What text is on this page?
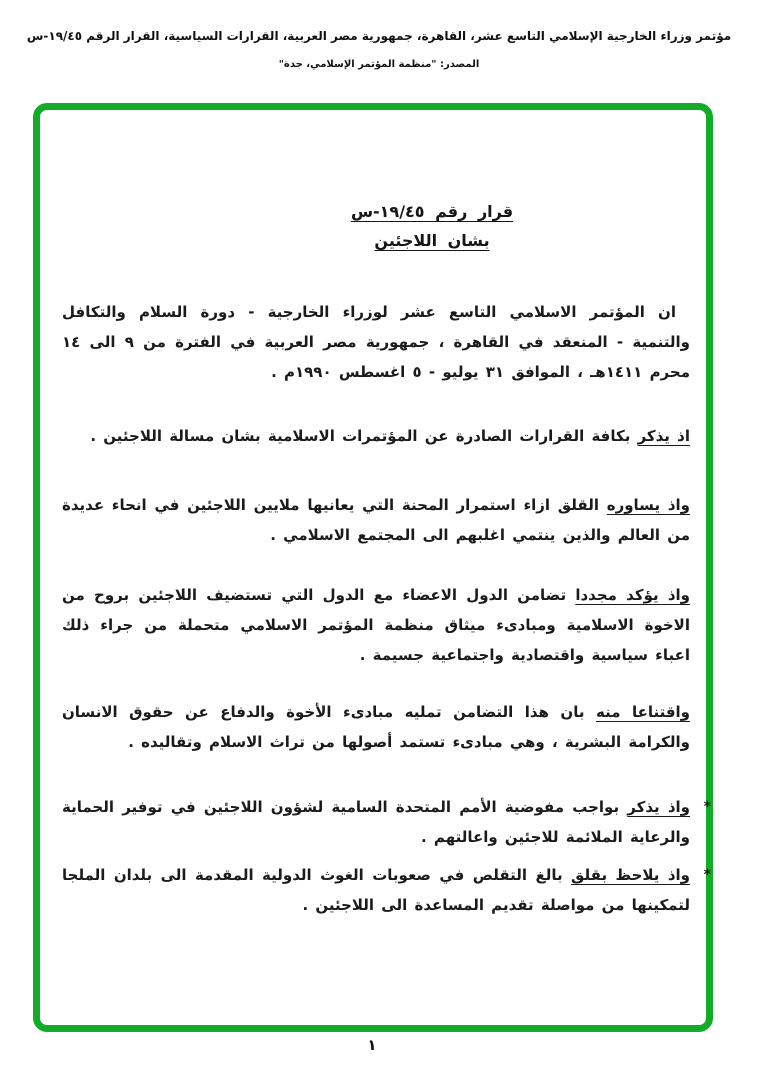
مؤتمر وزراء الخارجية الإسلامي التاسع عشر، القاهرة، جمهورية مصر العربية، القرارات السياسية، القرار الرقم ١٩/٤٥-س
المصدر: "منظمة المؤتمر الإسلامي، جدة"
قرار رقم ١٩/٤٥-س
بشان اللاجئين
ان المؤتمر الاسلامي التاسع عشر لوزراء الخارجية - دورة السلام والتكافل والتنمية - المنعقد في القاهرة ، جمهورية مصر العربية في الفترة من ٩ الى ١٤ محرم ١٤١١هـ ، الموافق ٣١ يوليو - ٥ اغسطس ١٩٩٠م .
اذ يذكر بكافة القرارات الصادرة عن المؤتمرات الاسلامية بشان مسالة اللاجئين .
واذ يساوره القلق ازاء استمرار المحنة التي يعانيها ملايين اللاجئين في انحاء عديدة من العالم والذين ينتمي اغلبهم الى المجتمع الاسلامي .
واذ يؤكد مجددا تضامن الدول الاعضاء مع الدول التي تستضيف اللاجئين بروح من الاخوة الاسلامية ومبادىء ميثاق منظمة المؤتمر الاسلامي متحملة من جراء ذلك اعباء سياسية واقتصادية واجتماعية جسيمة .
واقتناعا منه بان هذا التضامن تمليه مبادىء الأخوة والدفاع عن حقوق الانسان والكرامة البشرية ، وهي مبادىء تستمد أصولها من تراث الاسلام وتقاليده .
*
واذ يذكر بواجب مفوضية الأمم المتحدة السامية لشؤون اللاجئين في توفير الحماية والرعاية الملائمة للاجئين واعالتهم .
*
واذ يلاحظ بقلق بالغ التقلص في صعوبات الغوث الدولية المقدمة الى بلدان الملجا لتمكينها من مواصلة تقديم المساعدة الى اللاجئين .
١
